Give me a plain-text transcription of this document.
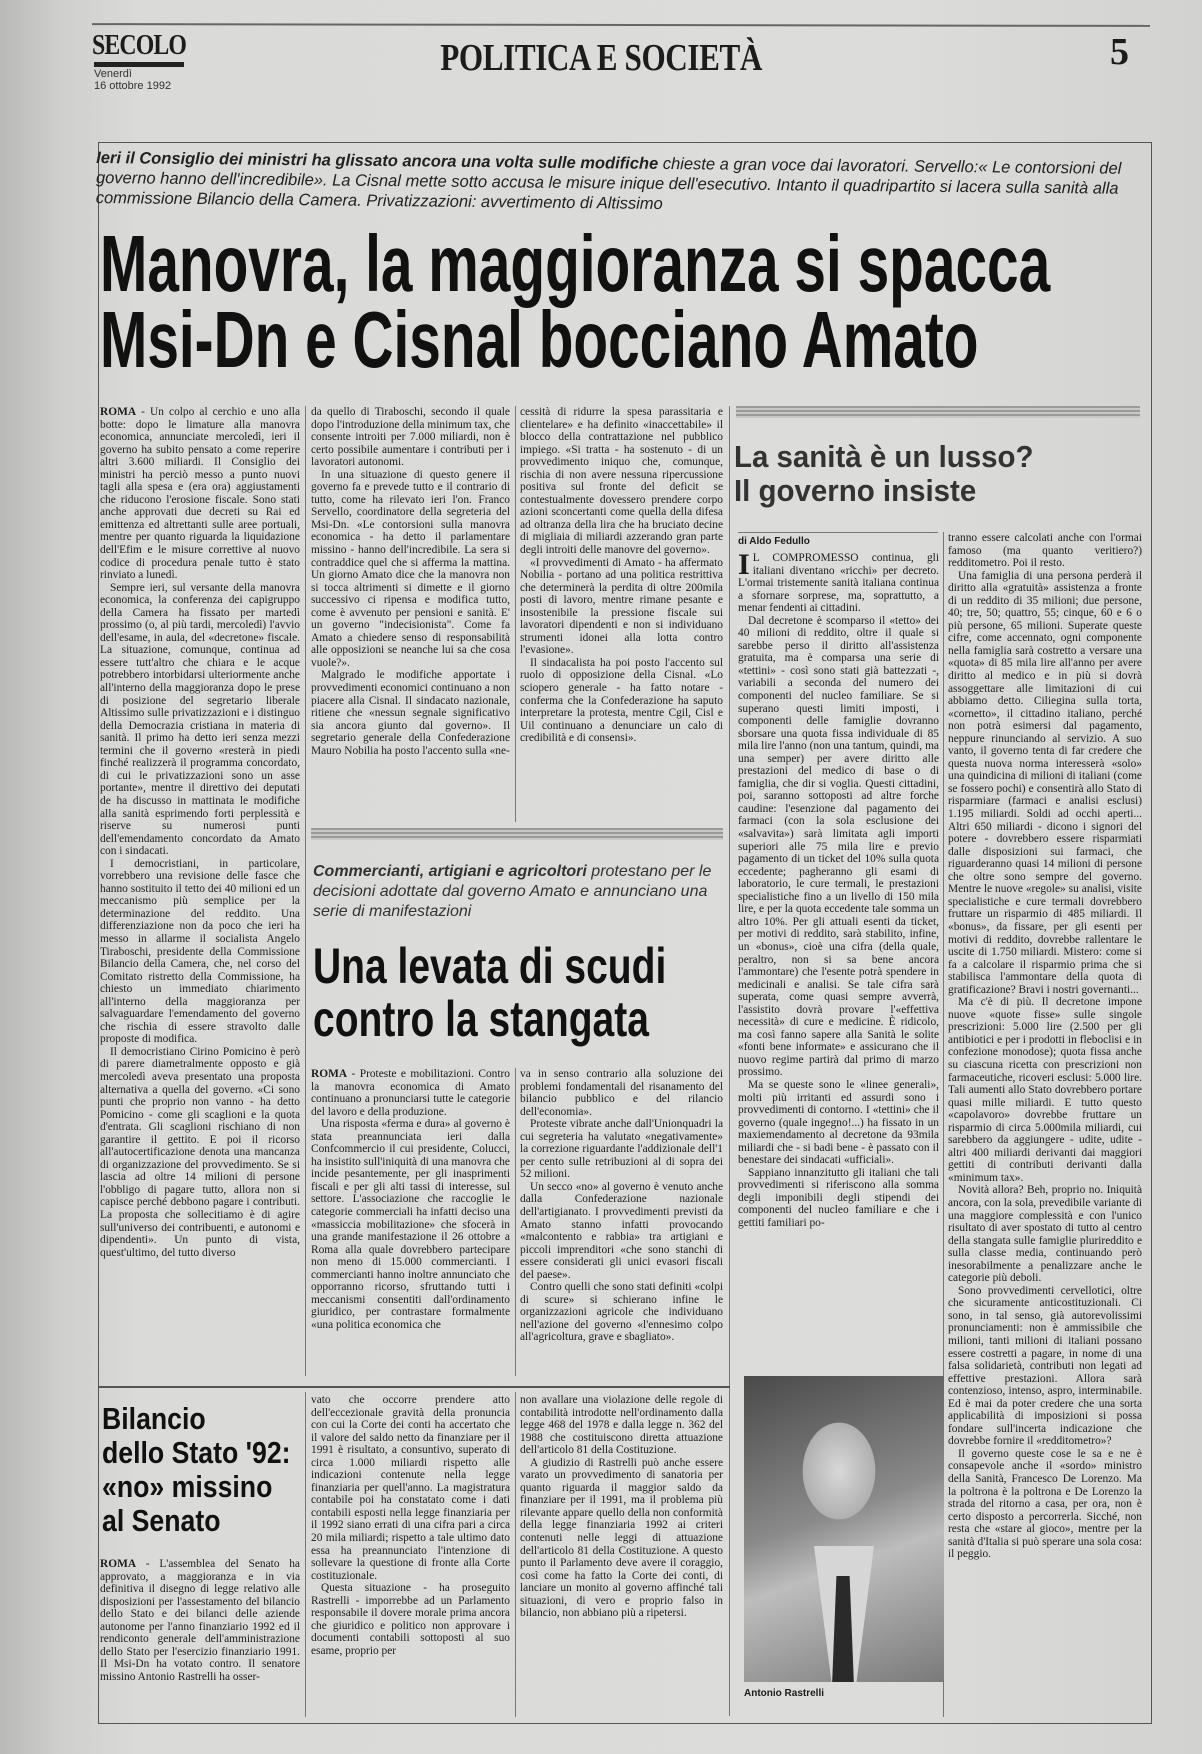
SECOLO
Venerdì
16 ottobre 1992
POLITICA E SOCIETÀ	5
Ieri il Consiglio dei ministri ha glissato ancora una volta sulle modifiche chieste a gran voce dai lavoratori. Servello:« Le contorsioni del governo hanno dell'incredibile». La Cisnal mette sotto accusa le misure inique dell'esecutivo. Intanto il quadripartito si lacera sulla sanità alla commissione Bilancio della Camera. Privatizzazioni: avvertimento di Altissimo
Manovra, la maggioranza si spacca
Msi-Dn e Cisnal bocciano Amato

ROMA - Un colpo al cerchio e uno alla botte: dopo le limature alla manovra economica, annunciate mercoledì, ieri il governo ha subito pensato a come reperire altri 3.600 miliardi. Il Consiglio dei ministri ha perciò messo a punto nuovi tagli alla spesa e (era ora) aggiustamenti che riducono l'erosione fiscale. Sono stati anche approvati due decreti su Rai ed emittenza ed altrettanti sulle aree portuali, mentre per quanto riguarda la liquidazione dell'Efim e le misure correttive al nuovo codice di procedura penale tutto è stato rinviato a lunedì.

Sempre ieri, sul versante della manovra economica, la conferenza dei capigruppo della Camera ha fissato per martedì prossimo (o, al più tardi, mercoledì) l'avvio dell'esame, in aula, del «decretone» fiscale. La situazione, comunque, continua ad essere tutt'altro che chiara e le acque potrebbero intorbidarsi ulteriormente anche all'interno della maggioranza dopo le prese di posizione del segretario liberale Altissimo sulle privatizzazioni e i distinguo della Democrazia cristiana in materia di sanità. Il primo ha detto ieri senza mezzi termini che il governo «resterà in piedi finché realizzerà il programma concordato, di cui le privatizzazioni sono un asse portante», mentre il direttivo dei deputati de ha discusso in mattinata le modifiche alla sanità esprimendo forti perplessità e riserve su numerosi punti dell'emendamento concordato da Amato con i sindacati.

I democristiani, in particolare, vorrebbero una revisione delle fasce che hanno sostituito il tetto dei 40 milioni ed un meccanismo più semplice per la determinazione del reddito. Una differenziazione non da poco che ieri ha messo in allarme il socialista Angelo Tiraboschi, presidente della Commissione Bilancio della Camera, che, nel corso del Comitato ristretto della Commissione, ha chiesto un immediato chiarimento all'interno della maggioranza per salvaguardare l'emendamento del governo che rischia di essere stravolto dalle proposte di modifica.

Il democristiano Cirino Pomicino è però di parere diametralmente opposto e già mercoledì aveva presentato una proposta alternativa a quella del governo. «Ci sono punti che proprio non vanno - ha detto Pomicino - come gli scaglioni e la quota d'entrata. Gli scaglioni rischiano di non garantire il gettito. E poi il ricorso all'autocertificazione denota una mancanza di organizzazione del provvedimento. Se si lascia ad oltre 14 milioni di persone l'obbligo di pagare tutto, allora non si capisce perché debbono pagare i contributi. La proposta che sollecitiamo è di agire sull'universo dei contribuenti, e autonomi e dipendenti». Un punto di vista, quest'ultimo, del tutto diverso

da quello di Tiraboschi, secondo il quale dopo l'introduzione della minimum tax, che consente introiti per 7.000 miliardi, non è certo possibile aumentare i contributi per i lavoratori autonomi.

In una situazione di questo genere il governo fa e prevede tutto e il contrario di tutto, come ha rilevato ieri l'on. Franco Servello, coordinatore della segreteria del Msi-Dn. «Le contorsioni sulla manovra economica - ha detto il parlamentare missino - hanno dell'incredibile. La sera si contraddice quel che si afferma la mattina. Un giorno Amato dice che la manovra non si tocca altrimenti si dimette e il giorno successivo ci ripensa e modifica tutto, come è avvenuto per pensioni e sanità. E' un governo "indecisionista". Come fa Amato a chiedere senso di responsabilità alle opposizioni se neanche lui sa che cosa vuole?».

Malgrado le modifiche apportate i provvedimenti economici continuano a non piacere alla Cisnal. Il sindacato nazionale, ritiene che «nessun segnale significativo sia ancora giunto dal governo». Il segretario generale della Confederazione Mauro Nobilia ha posto l'accento sulla «ne-

cessità di ridurre la spesa parassitaria e clientelare» e ha definito «inaccettabile» il blocco della contrattazione nel pubblico impiego. «Si tratta - ha sostenuto - di un provvedimento iniquo che, comunque, rischia di non avere nessuna ripercussione positiva sul fronte del deficit se contestualmente dovessero prendere corpo azioni sconcertanti come quella della difesa ad oltranza della lira che ha bruciato decine di migliaia di miliardi azzerando gran parte degli introiti delle manovre del governo».

«I provvedimenti di Amato - ha affermato Nobilia - portano ad una politica restrittiva che determinerà la perdita di oltre 200mila posti di lavoro, mentre rimane pesante e insostenibile la pressione fiscale sui lavoratori dipendenti e non si individuano strumenti idonei alla lotta contro l'evasione».

Il sindacalista ha poi posto l'accento sul ruolo di opposizione della Cisnal. «Lo sciopero generale - ha fatto notare - conferma che la Confederazione ha saputo interpretare la protesta, mentre Cgil, Cisl e Uil continuano a denunciare un calo di credibilità e di consensi».

La sanità è un lusso?
Il governo insiste
di Aldo Fedullo

I L COMPROMESSO continua, gli italiani diventano «ricchi» per decreto. L'ormai tristemente sanità italiana continua a sfornare sorprese, ma, soprattutto, a menar fendenti ai cittadini.

Dal decretone è scomparso il «tetto» dei 40 milioni di reddito, oltre il quale si sarebbe perso il diritto all'assistenza gratuita, ma è comparsa una serie di «tettini» - così sono stati già battezzati -, variabili a seconda del numero dei componenti del nucleo familiare. Se si superano questi limiti imposti, i componenti delle famiglie dovranno sborsare una quota fissa individuale di 85 mila lire l'anno (non una tantum, quindi, ma una semper) per avere diritto alle prestazioni del medico di base o di famiglia, che dir si voglia. Questi cittadini, poi, saranno sottoposti ad altre forche caudine: l'esenzione dal pagamento dei farmaci (con la sola esclusione dei «salvavita») sarà limitata agli importi superiori alle 75 mila lire e previo pagamento di un ticket del 10% sulla quota eccedente; pagheranno gli esami di laboratorio, le cure termali, le prestazioni specialistiche fino a un livello di 150 mila lire, e per la quota eccedente tale somma un altro 10%. Per gli attuali esenti da ticket, per motivi di reddito, sarà stabilito, infine, un «bonus», cioè una cifra (della quale, peraltro, non si sa bene ancora l'ammontare) che l'esente potrà spendere in medicinali e analisi. Se tale cifra sarà superata, come quasi sempre avverrà, l'assistito dovrà provare l'«effettiva necessità» di cure e medicine. È ridicolo, ma così fanno sapere alla Sanità le solite «fonti bene informate» e assicurano che il nuovo regime partirà dal primo di marzo prossimo.

Ma se queste sono le «linee generali», molti più irritanti ed assurdi sono i provvedimenti di contorno. I «tettini» che il governo (quale ingegno!...) ha fissato in un maxiemendamento al decretone da 93mila miliardi che - si badi bene - è passato con il benestare dei sindacati «ufficiali».

Sappiano innanzitutto gli italiani che tali provvedimenti si riferiscono alla somma degli imponibili degli stipendi dei componenti del nucleo familiare e che i gettiti familiari po-

tranno essere calcolati anche con l'ormai famoso (ma quanto veritiero?) redditometro. Poi il resto.

Una famiglia di una persona perderà il diritto alla «gratuità» assistenza a fronte di un reddito di 35 milioni; due persone, 40; tre, 50; quattro, 55; cinque, 60 e 6 o più persone, 65 milioni. Superate queste cifre, come accennato, ogni componente nella famiglia sarà costretto a versare una «quota» di 85 mila lire all'anno per avere diritto al medico e in più si dovrà assoggettare alle limitazioni di cui abbiamo detto. Ciliegina sulla torta, «cornetto», il cittadino italiano, perché non potrà esimersi dal pagamento, neppure rinunciando al servizio. A suo vanto, il governo tenta di far credere che questa nuova norma interesserà «solo» una quindicina di milioni di italiani (come se fossero pochi) e consentirà allo Stato di risparmiare (farmaci e analisi esclusi) 1.195 miliardi. Soldi ad occhi aperti... Altri 650 miliardi - dicono i signori del potere - dovrebbero essere risparmiati dalle disposizioni sui farmaci, che riguarderanno quasi 14 milioni di persone che oltre sono sempre del governo. Mentre le nuove «regole» su analisi, visite specialistiche e cure termali dovrebbero fruttare un risparmio di 485 miliardi. Il «bonus», da fissare, per gli esenti per motivi di reddito, dovrebbe rallentare le uscite di 1.750 miliardi. Mistero: come si fa a calcolare il risparmio prima che si stabilisca l'ammontare della quota di gratificazione? Bravi i nostri governanti...

Ma c'è di più. Il decretone impone nuove «quote fisse» sulle singole prescrizioni: 5.000 lire (2.500 per gli antibiotici e per i prodotti in fleboclisi e in confezione monodose); quota fissa anche su ciascuna ricetta con prescrizioni non farmaceutiche, ricoveri esclusi: 5.000 lire. Tali aumenti allo Stato dovrebbero portare quasi mille miliardi. E tutto questo «capolavoro» dovrebbe fruttare un risparmio di circa 5.000mila miliardi, cui sarebbero da aggiungere - udite, udite - altri 400 miliardi derivanti dai maggiori gettiti di contributi derivanti dalla «minimum tax».

Novità allora? Beh, proprio no. Iniquità ancora, con la sola, prevedibile variante di una maggiore complessità e con l'unico risultato di aver spostato di tutto al centro della stangata sulle famiglie plurireddito e sulla classe media, continuando però inesorabilmente a penalizzare anche le categorie più deboli.

Sono provvedimenti cervellotici, oltre che sicuramente anticostituzionali. Ci sono, in tal senso, già autorevolissimi pronunciamenti: non è ammissibile che milioni, tanti milioni di italiani possano essere costretti a pagare, in nome di una falsa solidarietà, contributi non legati ad effettive prestazioni. Allora sarà contenzioso, intenso, aspro, interminabile. Ed è mai da poter credere che una sorta applicabilità di imposizioni si possa fondare sull'incerta indicazione che dovrebbe fornire il «redditometro»?

Il governo queste cose le sa e ne è consapevole anche il «sordo» ministro della Sanità, Francesco De Lorenzo. Ma la poltrona è la poltrona e De Lorenzo la strada del ritorno a casa, per ora, non è certo disposto a percorrerla. Sicché, non resta che «stare al gioco», mentre per la sanità d'Italia si può sperare una sola cosa: il peggio.

Antonio Rastrelli
Commercianti, artigiani e agricoltori protestano per le decisioni adottate dal governo Amato e annunciano una serie di manifestazioni
Una levata di scudi
contro la stangata

ROMA - Proteste e mobilitazioni. Contro la manovra economica di Amato continuano a pronunciarsi tutte le categorie del lavoro e della produzione.

Una risposta «ferma e dura» al governo è stata preannunciata ieri dalla Confcommercio il cui presidente, Colucci, ha insistito sull'iniquità di una manovra che incide pesantemente, per gli inasprimenti fiscali e per gli alti tassi di interesse, sul settore. L'associazione che raccoglie le categorie commerciali ha infatti deciso una «massiccia mobilitazione» che sfocerà in una grande manifestazione il 26 ottobre a Roma alla quale dovrebbero partecipare non meno di 15.000 commercianti. I commercianti hanno inoltre annunciato che opporranno ricorso, sfruttando tutti i meccanismi consentiti dall'ordinamento giuridico, per contrastare formalmente «una politica economica che

va in senso contrario alla soluzione dei problemi fondamentali del risanamento del bilancio pubblico e del rilancio dell'economia».

Proteste vibrate anche dall'Unionquadri la cui segreteria ha valutato «negativamente» la correzione riguardante l'addizionale dell'1 per cento sulle retribuzioni al di sopra dei 52 milioni.

Un secco «no» al governo è venuto anche dalla Confederazione nazionale dell'artigianato. I provvedimenti previsti da Amato stanno infatti provocando «malcontento e rabbia» tra artigiani e piccoli imprenditori «che sono stanchi di essere considerati gli unici evasori fiscali del paese».

Contro quelli che sono stati definiti «colpi di scure» si schierano infine le organizzazioni agricole che individuano nell'azione del governo «l'ennesimo colpo all'agricoltura, grave e sbagliato».

Bilancio
dello Stato '92:
«no» missino
al Senato

ROMA - L'assemblea del Senato ha approvato, a maggioranza e in via definitiva il disegno di legge relativo alle disposizioni per l'assestamento del bilancio dello Stato e dei bilanci delle aziende autonome per l'anno finanziario 1992 ed il rendiconto generale dell'amministrazione dello Stato per l'esercizio finanziario 1991. Il Msi-Dn ha votato contro. Il senatore missino Antonio Rastrelli ha osser-

vato che occorre prendere atto dell'eccezionale gravità della pronuncia con cui la Corte dei conti ha accertato che il valore del saldo netto da finanziare per il 1991 è risultato, a consuntivo, superato di circa 1.000 miliardi rispetto alle indicazioni contenute nella legge finanziaria per quell'anno. La magistratura contabile poi ha constatato come i dati contabili esposti nella legge finanziaria per il 1992 siano errati di una cifra pari a circa 20 mila miliardi; rispetto a tale ultimo dato essa ha preannunciato l'intenzione di sollevare la questione di fronte alla Corte costituzionale.

Questa situazione - ha proseguito Rastrelli - imporrebbe ad un Parlamento responsabile il dovere morale prima ancora che giuridico e politico non approvare i documenti contabili sottoposti al suo esame, proprio per

non avallare una violazione delle regole di contabilità introdotte nell'ordinamento dalla legge 468 del 1978 e dalla legge n. 362 del 1988 che costituiscono diretta attuazione dell'articolo 81 della Costituzione.

A giudizio di Rastrelli può anche essere varato un provvedimento di sanatoria per quanto riguarda il maggior saldo da finanziare per il 1991, ma il problema più rilevante appare quello della non conformità della legge finanziaria 1992 ai criteri contenuti nelle leggi di attuazione dell'articolo 81 della Costituzione. A questo punto il Parlamento deve avere il coraggio, così come ha fatto la Corte dei conti, di lanciare un monito al governo affinché tali situazioni, di vero e proprio falso in bilancio, non abbiano più a ripetersi.
